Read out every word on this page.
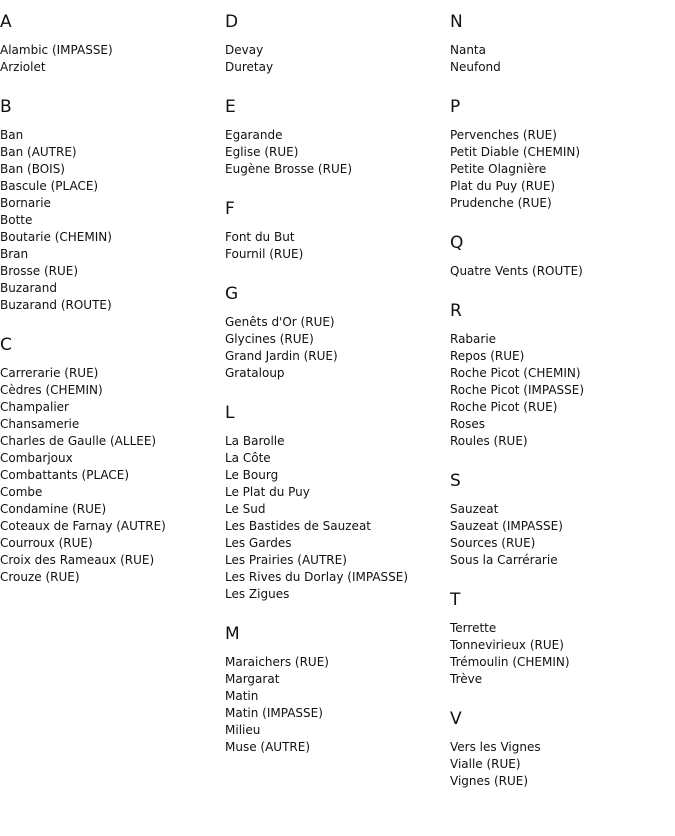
A
Alambic (IMPASSE)
Arziolet
B
Ban
Ban (AUTRE)
Ban (BOIS)
Bascule (PLACE)
Bornarie
Botte
Boutarie (CHEMIN)
Bran
Brosse (RUE)
Buzarand
Buzarand (ROUTE)
C
Carrerarie (RUE)
Cèdres (CHEMIN)
Champalier
Chansamerie
Charles de Gaulle (ALLEE)
Combarjoux
Combattants (PLACE)
Combe
Condamine (RUE)
Coteaux de Farnay (AUTRE)
Courroux (RUE)
Croix des Rameaux (RUE)
Crouze (RUE)
D
Devay
Duretay
E
Egarande
Eglise (RUE)
Eugène Brosse (RUE)
F
Font du But
Fournil (RUE)
G
Genêts d'Or (RUE)
Glycines (RUE)
Grand Jardin (RUE)
Grataloup
L
La Barolle
La Côte
Le Bourg
Le Plat du Puy
Le Sud
Les Bastides de Sauzeat
Les Gardes
Les Prairies (AUTRE)
Les Rives du Dorlay (IMPASSE)
Les Zigues
M
Maraichers (RUE)
Margarat
Matin
Matin (IMPASSE)
Milieu
Muse (AUTRE)
N
Nanta
Neufond
P
Pervenches (RUE)
Petit Diable (CHEMIN)
Petite Olagnière
Plat du Puy (RUE)
Prudenche (RUE)
Q
Quatre Vents (ROUTE)
R
Rabarie
Repos (RUE)
Roche Picot (CHEMIN)
Roche Picot (IMPASSE)
Roche Picot (RUE)
Roses
Roules (RUE)
S
Sauzeat
Sauzeat (IMPASSE)
Sources (RUE)
Sous la Carrérarie
T
Terrette
Tonnevirieux (RUE)
Trémoulin (CHEMIN)
Trève
V
Vers les Vignes
Vialle (RUE)
Vignes (RUE)
